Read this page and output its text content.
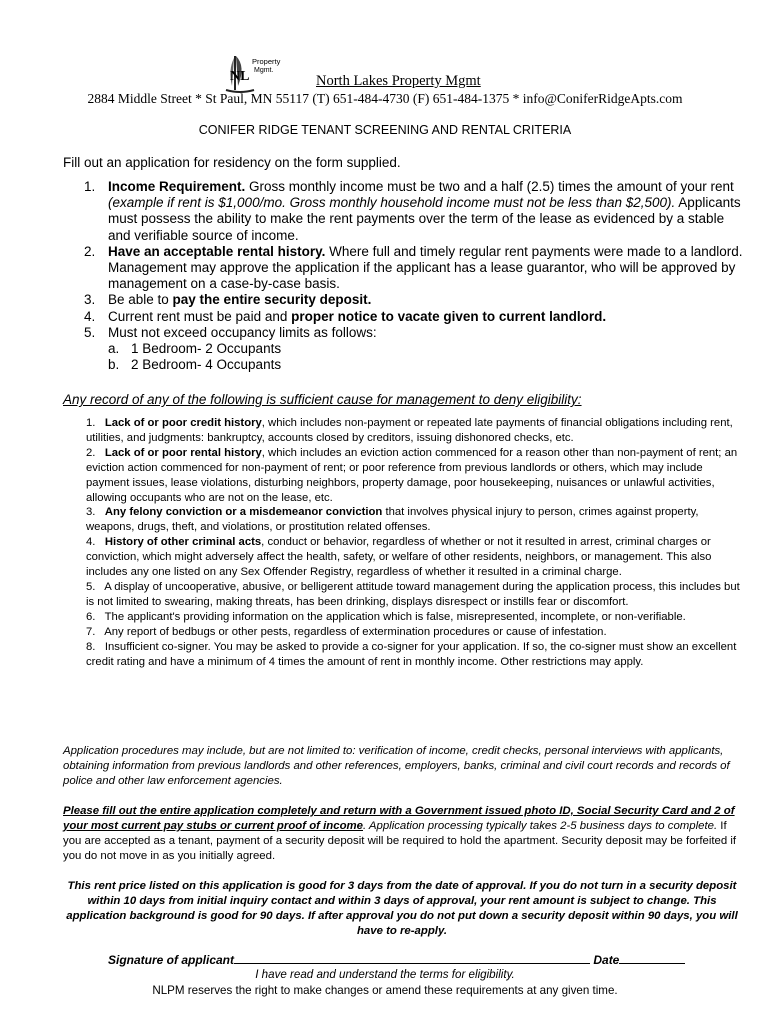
NL
Property
Mgmt.
North Lakes Property Mgmt
2884 Middle Street * St Paul, MN 55117 (T) 651-484-4730 (F) 651-484-1375 * info@ConiferRidgeApts.com
CONIFER RIDGE TENANT SCREENING AND RENTAL CRITERIA
Fill out an application for residency on the form supplied.
1. Income Requirement. Gross monthly income must be two and a half (2.5) times the amount of your rent (example if rent is $1,000/mo. Gross monthly household income must not be less than $2,500). Applicants must possess the ability to make the rent payments over the term of the lease as evidenced by a stable and verifiable source of income.
2. Have an acceptable rental history. Where full and timely regular rent payments were made to a landlord. Management may approve the application if the applicant has a lease guarantor, who will be approved by management on a case-by-case basis.
3. Be able to pay the entire security deposit.
4. Current rent must be paid and proper notice to vacate given to current landlord.
5. Must not exceed occupancy limits as follows:
a. 1 Bedroom- 2 Occupants
b. 2 Bedroom- 4 Occupants
Any record of any of the following is sufficient cause for management to deny eligibility:
1. Lack of or poor credit history, which includes non-payment or repeated late payments of financial obligations including rent, utilities, and judgments: bankruptcy, accounts closed by creditors, issuing dishonored checks, etc.
2. Lack of or poor rental history, which includes an eviction action commenced for a reason other than non-payment of rent; an eviction action commenced for non-payment of rent; or poor reference from previous landlords or others, which may include payment issues, lease violations, disturbing neighbors, property damage, poor housekeeping, nuisances or unlawful activities, allowing occupants who are not on the lease, etc.
3. Any felony conviction or a misdemeanor conviction that involves physical injury to person, crimes against property, weapons, drugs, theft, and violations, or prostitution related offenses.
4. History of other criminal acts, conduct or behavior, regardless of whether or not it resulted in arrest, criminal charges or conviction, which might adversely affect the health, safety, or welfare of other residents, neighbors, or management. This also includes any one listed on any Sex Offender Registry, regardless of whether it resulted in a criminal charge.
5. A display of uncooperative, abusive, or belligerent attitude toward management during the application process, this includes but is not limited to swearing, making threats, has been drinking, displays disrespect or instills fear or discomfort.
6. The applicant's providing information on the application which is false, misrepresented, incomplete, or non-verifiable.
7. Any report of bedbugs or other pests, regardless of extermination procedures or cause of infestation.
8. Insufficient co-signer. You may be asked to provide a co-signer for your application. If so, the co-signer must show an excellent credit rating and have a minimum of 4 times the amount of rent in monthly income. Other restrictions may apply.
Application procedures may include, but are not limited to: verification of income, credit checks, personal interviews with applicants, obtaining information from previous landlords and other references, employers, banks, criminal and civil court records and records of police and other law enforcement agencies.
Please fill out the entire application completely and return with a Government issued photo ID, Social Security Card and 2 of your most current pay stubs or current proof of income. Application processing typically takes 2-5 business days to complete. If you are accepted as a tenant, payment of a security deposit will be required to hold the apartment. Security deposit may be forfeited if you do not move in as you initially agreed.
This rent price listed on this application is good for 3 days from the date of approval. If you do not turn in a security deposit within 10 days from initial inquiry contact and within 3 days of approval, your rent amount is subject to change. This application background is good for 90 days. If after approval you do not put down a security deposit within 90 days, you will have to re-apply.
Signature of applicant	Date
I have read and understand the terms for eligibility.
NLPM reserves the right to make changes or amend these requirements at any given time.
